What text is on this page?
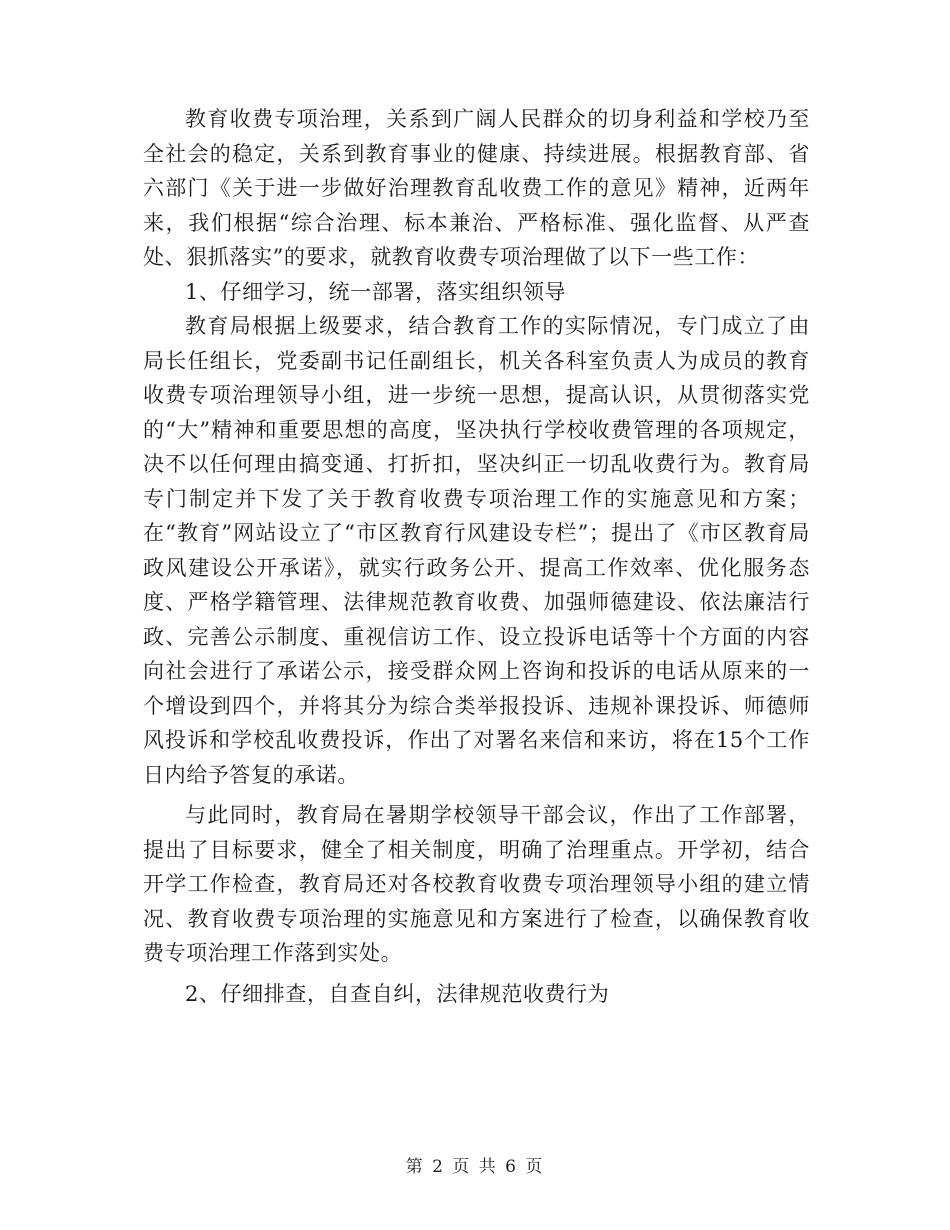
教育收费专项治理，关系到广阔人民群众的切身利益和学校乃至全社会的稳定，关系到教育事业的健康、持续进展。根据教育部、省六部门《关于进一步做好治理教育乱收费工作的意见》精神，近两年来，我们根据“综合治理、标本兼治、严格标准、强化监督、从严查处、狠抓落实”的要求，就教育收费专项治理做了以下一些工作：

1、仔细学习，统一部署，落实组织领导

教育局根据上级要求，结合教育工作的实际情况，专门成立了由局长任组长，党委副书记任副组长，机关各科室负责人为成员的教育收费专项治理领导小组，进一步统一思想，提高认识，从贯彻落实党的“大”精神和重要思想的高度，坚决执行学校收费管理的各项规定，决不以任何理由搞变通、打折扣，坚决纠正一切乱收费行为。教育局专门制定并下发了关于教育收费专项治理工作的实施意见和方案；在“教育”网站设立了“市区教育行风建设专栏”；提出了《市区教育局政风建设公开承诺》，就实行政务公开、提高工作效率、优化服务态度、严格学籍管理、法律规范教育收费、加强师德建设、依法廉洁行政、完善公示制度、重视信访工作、设立投诉电话等十个方面的内容向社会进行了承诺公示，接受群众网上咨询和投诉的电话从原来的一个增设到四个，并将其分为综合类举报投诉、违规补课投诉、师德师风投诉和学校乱收费投诉，作出了对署名来信和来访，将在15个工作日内给予答复的承诺。

与此同时，教育局在暑期学校领导干部会议，作出了工作部署，提出了目标要求，健全了相关制度，明确了治理重点。开学初，结合开学工作检查，教育局还对各校教育收费专项治理领导小组的建立情况、教育收费专项治理的实施意见和方案进行了检查，以确保教育收费专项治理工作落到实处。

2、仔细排查，自查自纠，法律规范收费行为

第 2 页 共 6 页
